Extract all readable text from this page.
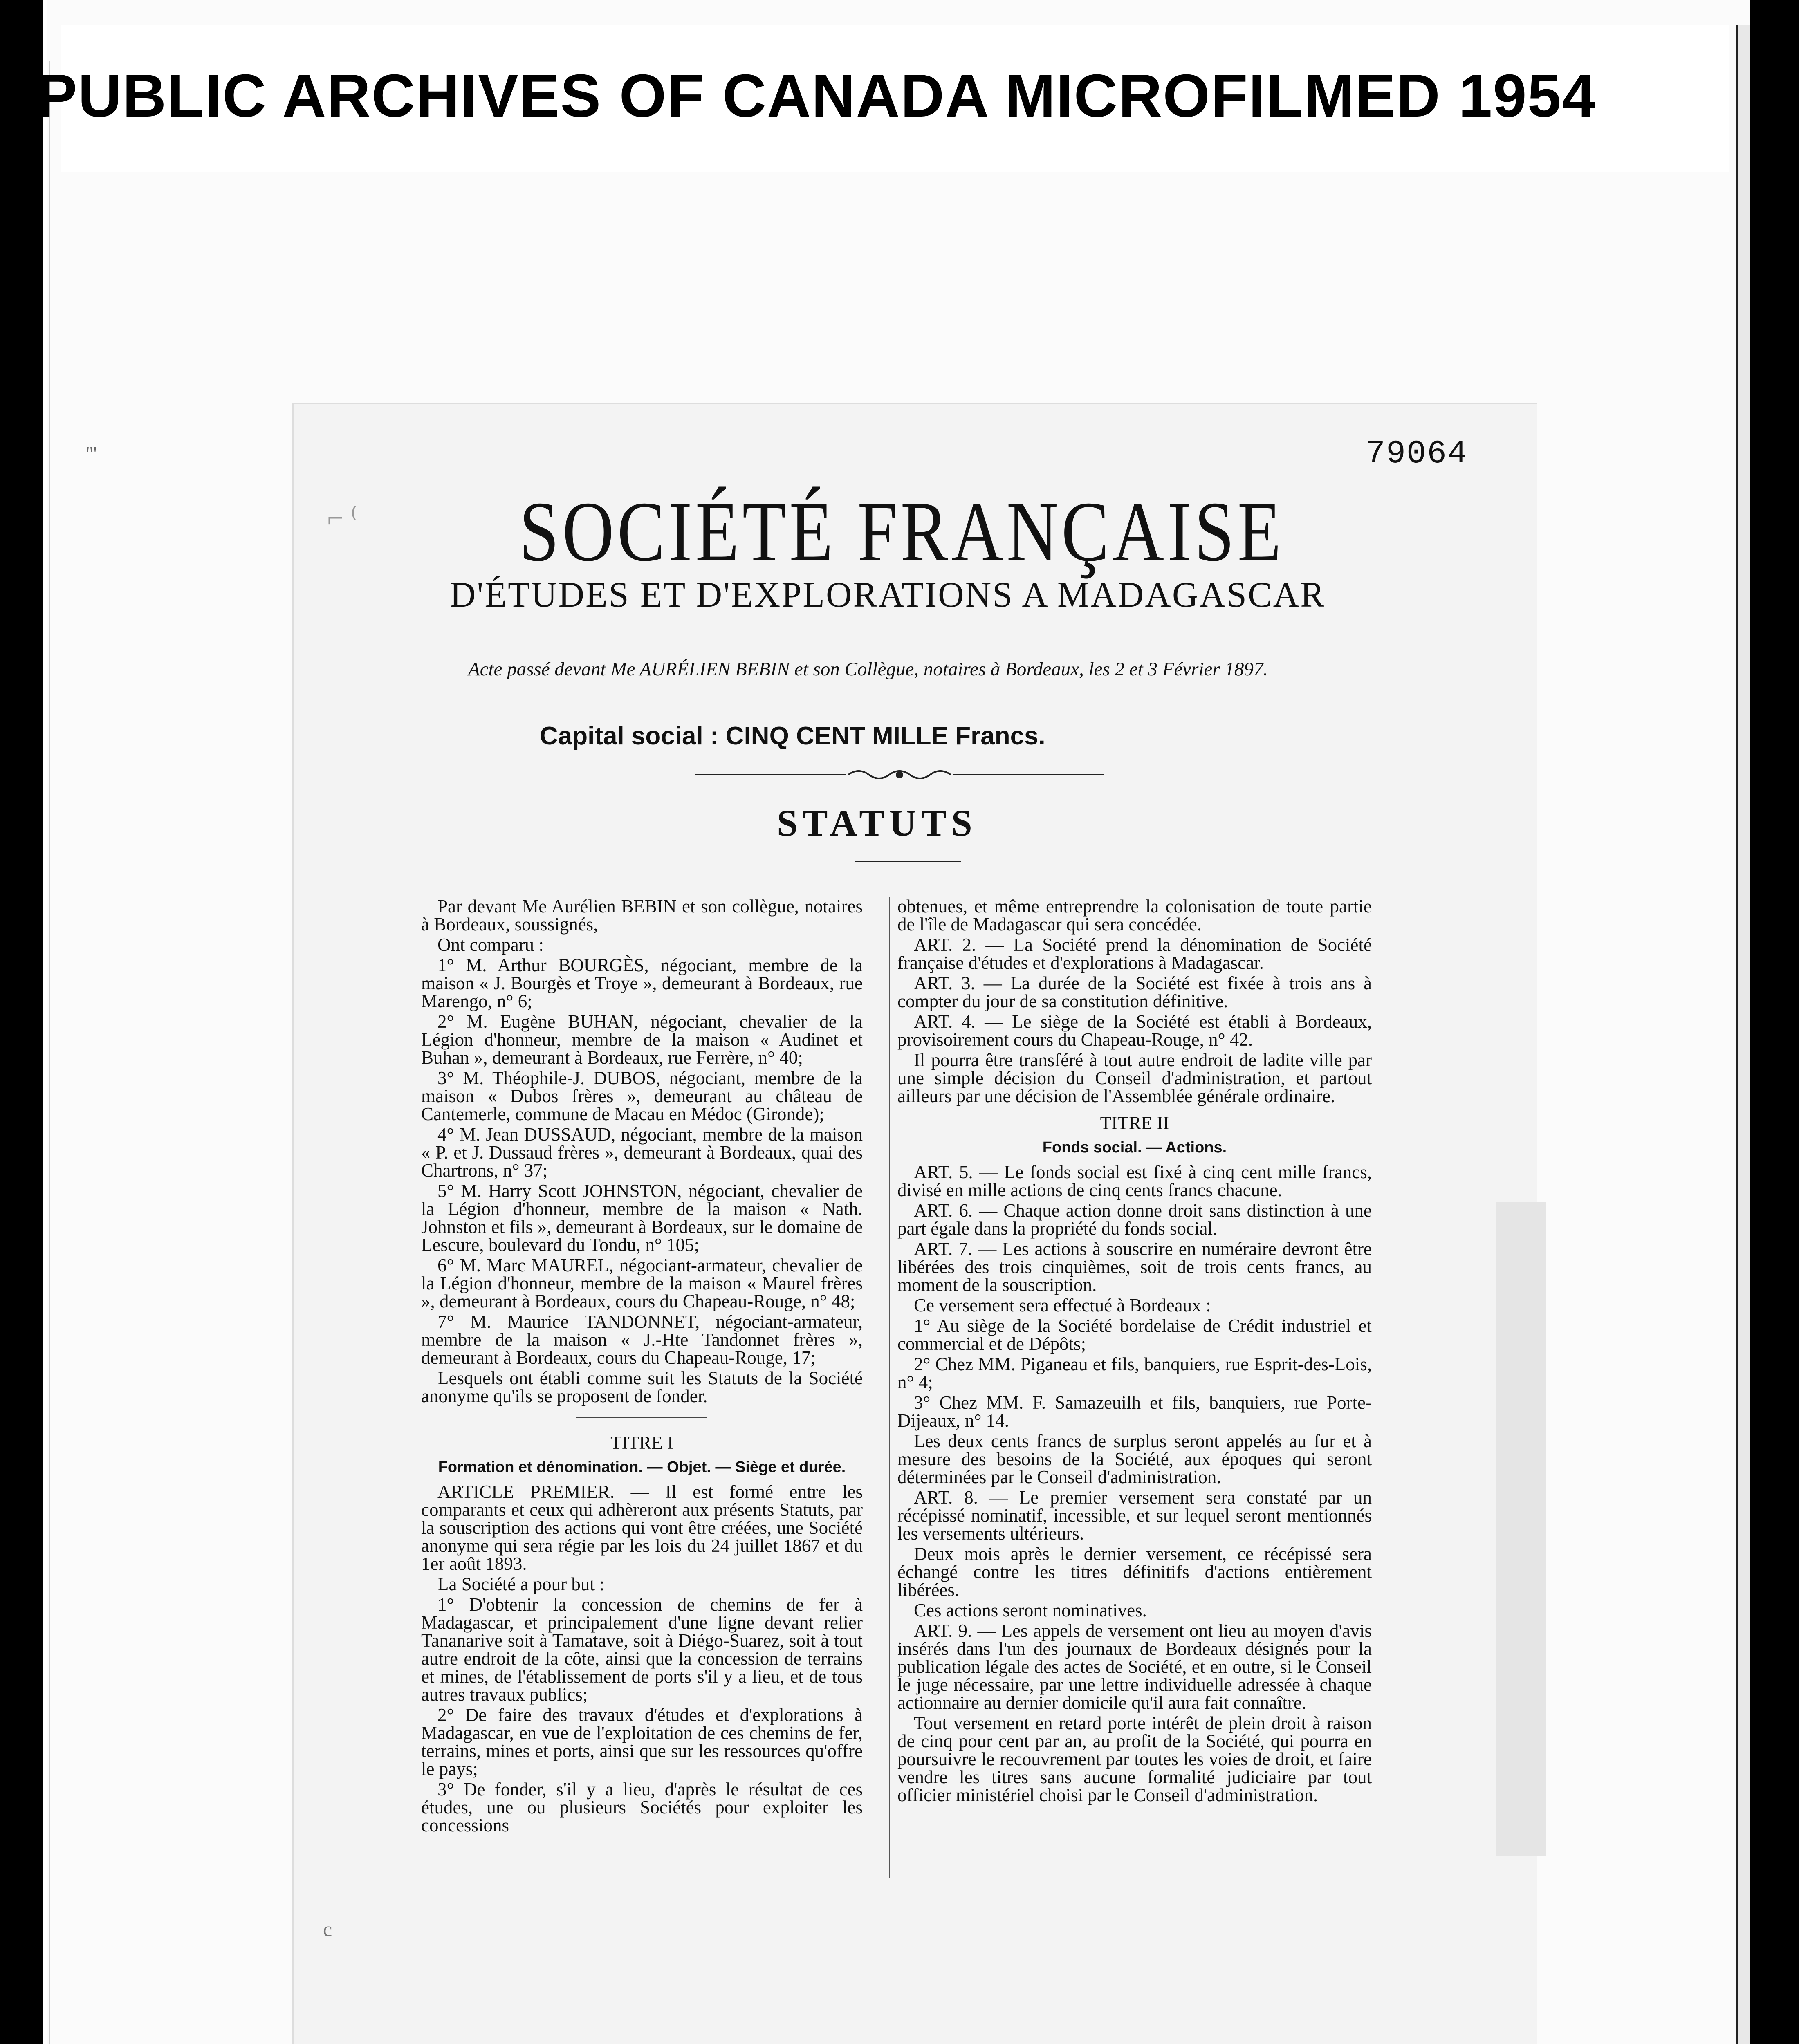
PUBLIC ARCHIVES OF CANADA MICROFILMED 1954
'''
⌐ ⁽
c
79064
SOCIÉTÉ FRANÇAISE
D'ÉTUDES ET D'EXPLORATIONS A MADAGASCAR
Acte passé devant Me AURÉLIEN BEBIN et son Collègue, notaires à Bordeaux, les 2 et 3 Février 1897.
Capital social : CINQ CENT MILLE Francs.
STATUTS

Par devant Me Aurélien BEBIN et son collègue, notaires à Bordeaux, soussignés,

Ont comparu :

1° M. Arthur BOURGÈS, négociant, membre de la maison « J. Bourgès et Troye », demeurant à Bordeaux, rue Marengo, n° 6;

2° M. Eugène BUHAN, négociant, chevalier de la Légion d'honneur, membre de la maison « Audinet et Buhan », demeurant à Bordeaux, rue Ferrère, n° 40;

3° M. Théophile-J. DUBOS, négociant, membre de la maison « Dubos frères », demeurant au château de Cantemerle, commune de Macau en Médoc (Gironde);

4° M. Jean DUSSAUD, négociant, membre de la maison « P. et J. Dussaud frères », demeurant à Bordeaux, quai des Chartrons, n° 37;

5° M. Harry Scott JOHNSTON, négociant, chevalier de la Légion d'honneur, membre de la maison « Nath. Johnston et fils », demeurant à Bordeaux, sur le domaine de Lescure, boulevard du Tondu, n° 105;

6° M. Marc MAUREL, négociant-armateur, chevalier de la Légion d'honneur, membre de la maison « Maurel frères », demeurant à Bordeaux, cours du Chapeau-Rouge, n° 48;

7° M. Maurice TANDONNET, négociant-armateur, membre de la maison « J.-Hte Tandonnet frères », demeurant à Bordeaux, cours du Chapeau-Rouge, 17;

Lesquels ont établi comme suit les Statuts de la Société anonyme qu'ils se proposent de fonder.

TITRE I

Formation et dénomination. — Objet. — Siège et durée.

ARTICLE PREMIER. — Il est formé entre les comparants et ceux qui adhèreront aux présents Statuts, par la souscription des actions qui vont être créées, une Société anonyme qui sera régie par les lois du 24 juillet 1867 et du 1er août 1893.

La Société a pour but :

1° D'obtenir la concession de chemins de fer à Madagascar, et principalement d'une ligne devant relier Tananarive soit à Tamatave, soit à Diégo-Suarez, soit à tout autre endroit de la côte, ainsi que la concession de terrains et mines, de l'établissement de ports s'il y a lieu, et de tous autres travaux publics;

2° De faire des travaux d'études et d'explorations à Madagascar, en vue de l'exploitation de ces chemins de fer, terrains, mines et ports, ainsi que sur les ressources qu'offre le pays;

3° De fonder, s'il y a lieu, d'après le résultat de ces études, une ou plusieurs Sociétés pour exploiter les concessions

obtenues, et même entreprendre la colonisation de toute partie de l'île de Madagascar qui sera concédée.

ART. 2. — La Société prend la dénomination de Société française d'études et d'explorations à Madagascar.

ART. 3. — La durée de la Société est fixée à trois ans à compter du jour de sa constitution définitive.

ART. 4. — Le siège de la Société est établi à Bordeaux, provisoirement cours du Chapeau-Rouge, n° 42.

Il pourra être transféré à tout autre endroit de ladite ville par une simple décision du Conseil d'administration, et partout ailleurs par une décision de l'Assemblée générale ordinaire.

TITRE II

Fonds social. — Actions.

ART. 5. — Le fonds social est fixé à cinq cent mille francs, divisé en mille actions de cinq cents francs chacune.

ART. 6. — Chaque action donne droit sans distinction à une part égale dans la propriété du fonds social.

ART. 7. — Les actions à souscrire en numéraire devront être libérées des trois cinquièmes, soit de trois cents francs, au moment de la souscription.

Ce versement sera effectué à Bordeaux :

1° Au siège de la Société bordelaise de Crédit industriel et commercial et de Dépôts;

2° Chez MM. Piganeau et fils, banquiers, rue Esprit-des-Lois, n° 4;

3° Chez MM. F. Samazeuilh et fils, banquiers, rue Porte-Dijeaux, n° 14.

Les deux cents francs de surplus seront appelés au fur et à mesure des besoins de la Société, aux époques qui seront déterminées par le Conseil d'administration.

ART. 8. — Le premier versement sera constaté par un récépissé nominatif, incessible, et sur lequel seront mentionnés les versements ultérieurs.

Deux mois après le dernier versement, ce récépissé sera échangé contre les titres définitifs d'actions entièrement libérées.

Ces actions seront nominatives.

ART. 9. — Les appels de versement ont lieu au moyen d'avis insérés dans l'un des journaux de Bordeaux désignés pour la publication légale des actes de Société, et en outre, si le Conseil le juge nécessaire, par une lettre individuelle adressée à chaque actionnaire au dernier domicile qu'il aura fait connaître.

Tout versement en retard porte intérêt de plein droit à raison de cinq pour cent par an, au profit de la Société, qui pourra en poursuivre le recouvrement par toutes les voies de droit, et faire vendre les titres sans aucune formalité judiciaire par tout officier ministériel choisi par le Conseil d'administration.
